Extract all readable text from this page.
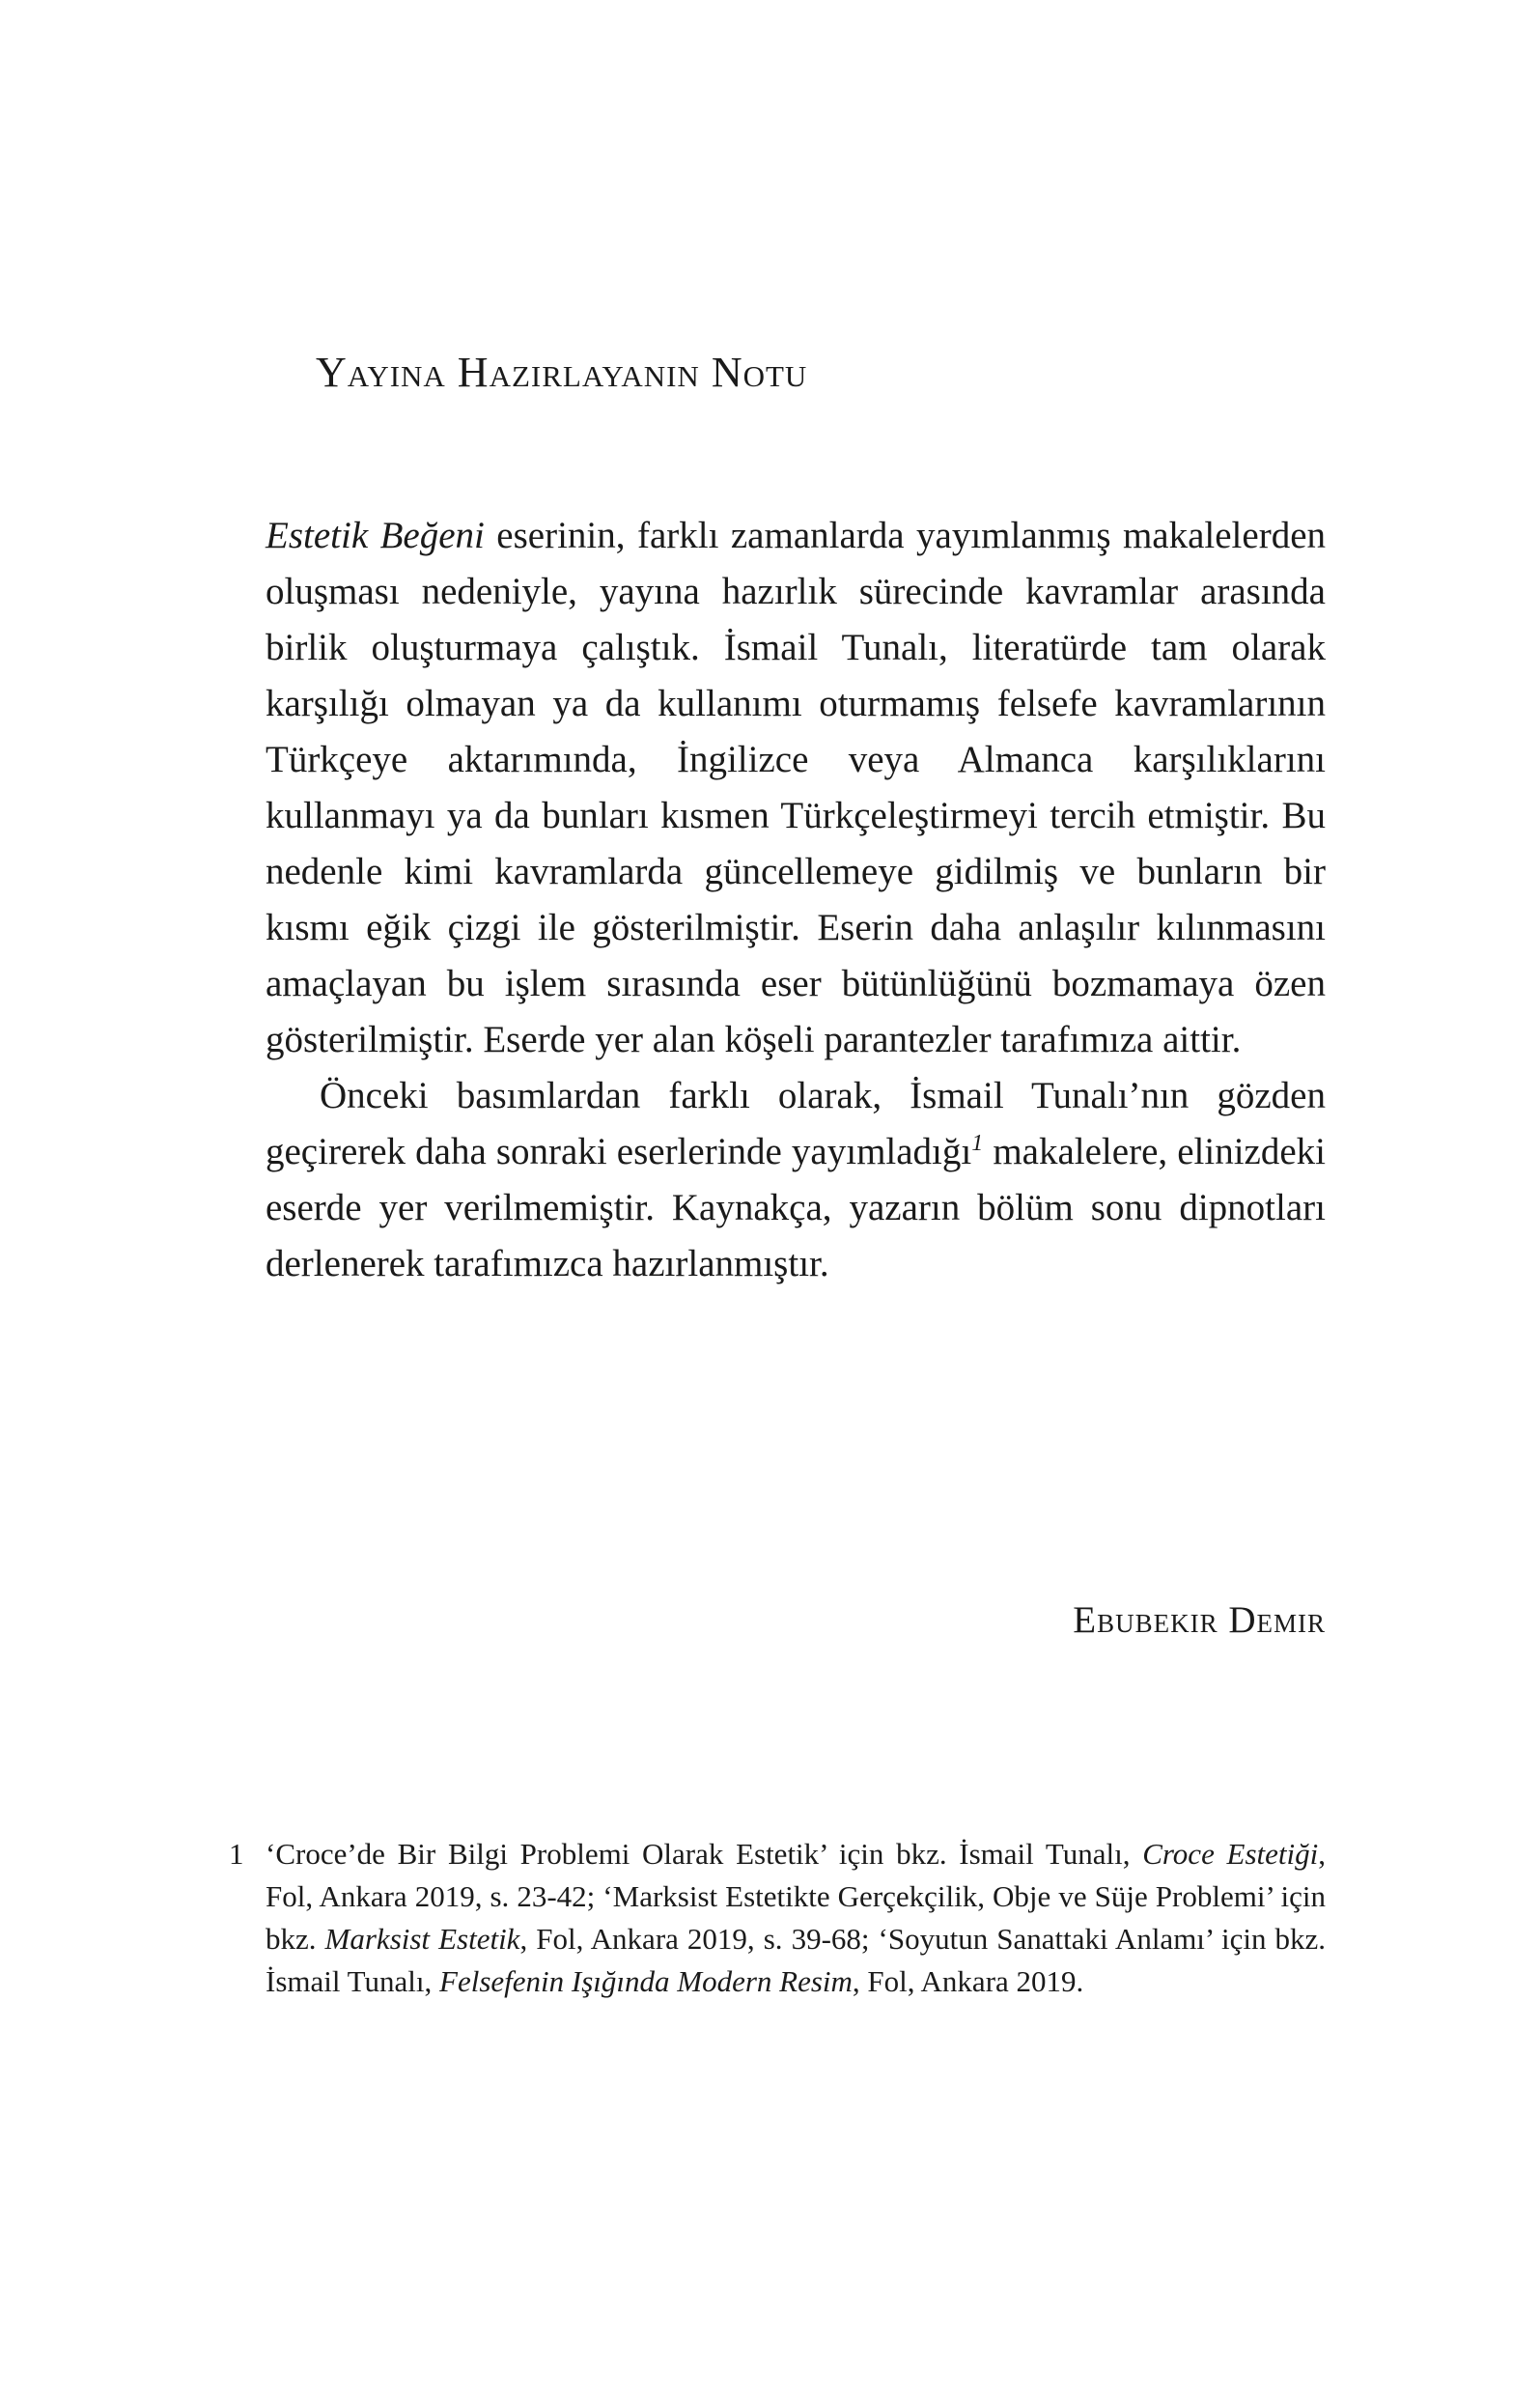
Yayına Hazırlayanın Notu

Estetik Beğeni eserinin, farklı zamanlarda yayımlanmış makalelerden oluşması nedeniyle, yayına hazırlık sürecinde kavramlar arasında birlik oluşturmaya çalıştık. İsmail Tunalı, literatürde tam olarak karşılığı olmayan ya da kullanımı oturmamış felsefe kavramlarının Türkçeye aktarımında, İngilizce veya Almanca karşılıklarını kullanmayı ya da bunları kısmen Türkçeleştirmeyi tercih etmiştir. Bu nedenle kimi kavramlarda güncellemeye gidilmiş ve bunların bir kısmı eğik çizgi ile gösterilmiştir. Eserin daha anlaşılır kılınmasını amaçlayan bu işlem sırasında eser bütünlüğünü bozmamaya özen gösterilmiştir. Eserde yer alan köşeli parantezler tarafımıza aittir.

Önceki basımlardan farklı olarak, İsmail Tunalı’nın gözden geçirerek daha sonraki eserlerinde yayımladığı$^1$ makalelere, elinizdeki eserde yer verilmemiştir. Kaynakça, yazarın bölüm sonu dipnotları derlenerek tarafımızca hazırlanmıştır.

Ebubekir Demir
1 ‘Croce’de Bir Bilgi Problemi Olarak Estetik’ için bkz. İsmail Tunalı, Croce Estetiği, Fol, Ankara 2019, s. 23-42; ‘Marksist Estetikte Gerçekçilik, Obje ve Süje Problemi’ için bkz. Marksist Estetik, Fol, Ankara 2019, s. 39-68; ‘Soyutun Sanattaki Anlamı’ için bkz. İsmail Tunalı, Felsefenin Işığında Modern Resim, Fol, Ankara 2019.
